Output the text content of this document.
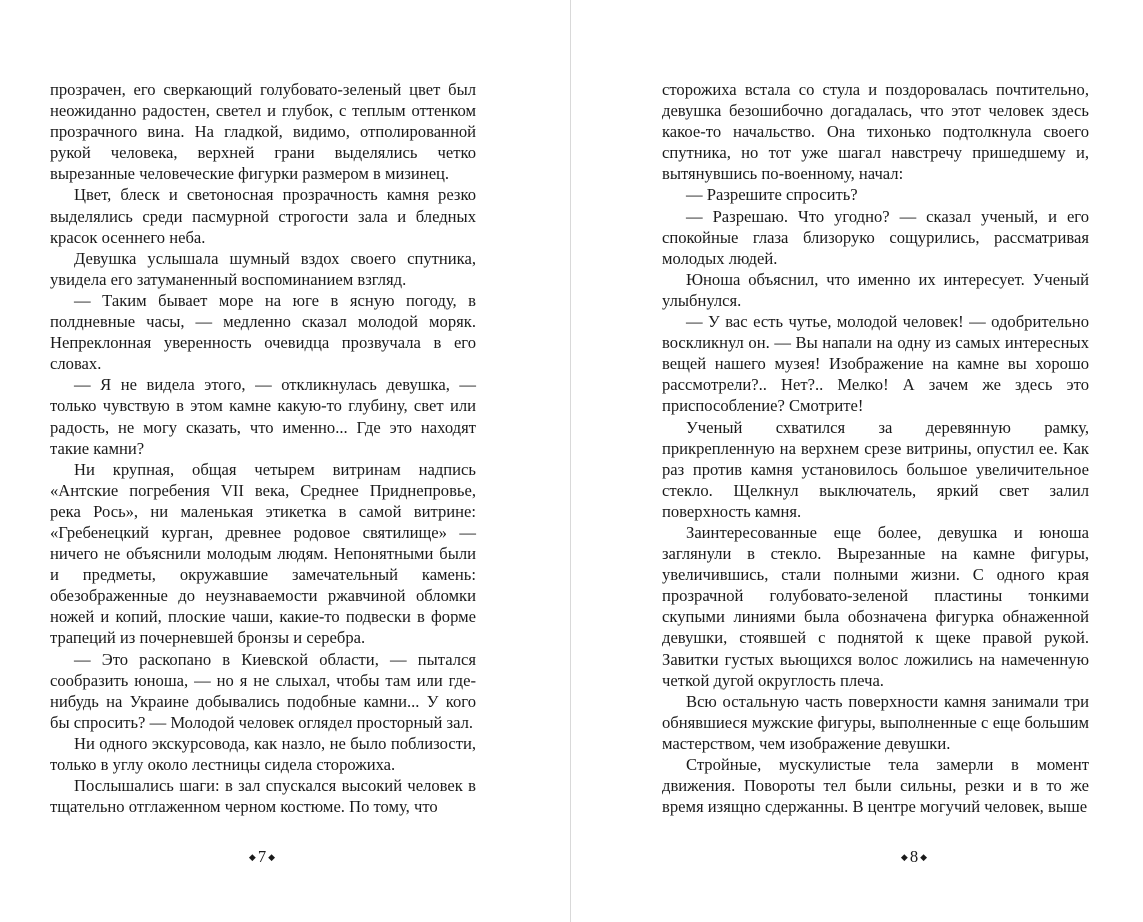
прозрачен, его сверкающий голубовато-зеленый цвет был неожиданно радостен, светел и глубок, с теплым оттенком прозрачного вина. На гладкой, видимо, отполированной рукой человека, верхней грани выделялись четко вырезанные человеческие фигурки размером в мизинец.

Цвет, блеск и светоносная прозрачность камня резко выделялись среди пасмурной строгости зала и бледных красок осеннего неба.

Девушка услышала шумный вздох своего спутника, увидела его затуманенный воспоминанием взгляд.

— Таким бывает море на юге в ясную погоду, в полдневные часы, — медленно сказал молодой моряк. Непреклонная уверенность очевидца прозвучала в его словах.

— Я не видела этого, — откликнулась девушка, — только чувствую в этом камне какую-то глубину, свет или радость, не могу сказать, что именно... Где это находят такие камни?

Ни крупная, общая четырем витринам надпись «Антские погребения VII века, Среднее Приднепровье, река Рось», ни маленькая этикетка в самой витрине: «Гребенецкий курган, древнее родовое святилище» — ничего не объяснили молодым людям. Непонятными были и предметы, окружавшие замечательный камень: обезображенные до неузнаваемости ржавчиной обломки ножей и копий, плоские чаши, какие-то подвески в форме трапеций из почерневшей бронзы и серебра.

— Это раскопано в Киевской области, — пытался сообразить юноша, — но я не слыхал, чтобы там или где-нибудь на Украине добывались подобные камни... У кого бы спросить? — Молодой человек оглядел просторный зал.

Ни одного экскурсовода, как назло, не было поблизости, только в углу около лестницы сидела сторожиха.

Послышались шаги: в зал спускался высокий человек в тщательно отглаженном черном костюме. По тому, что

◆ 7 ◆

сторожиха встала со стула и поздоровалась почтительно, девушка безошибочно догадалась, что этот человек здесь какое-то начальство. Она тихонько подтолкнула своего спутника, но тот уже шагал навстречу пришедшему и, вытянувшись по-военному, начал:

— Разрешите спросить?

— Разрешаю. Что угодно? — сказал ученый, и его спокойные глаза близоруко сощурились, рассматривая молодых людей.

Юноша объяснил, что именно их интересует. Ученый улыбнулся.

— У вас есть чутье, молодой человек! — одобрительно воскликнул он. — Вы напали на одну из самых интересных вещей нашего музея! Изображение на камне вы хорошо рассмотрели?.. Нет?.. Мелко! А зачем же здесь это приспособление? Смотрите!

Ученый схватился за деревянную рамку, прикрепленную на верхнем срезе витрины, опустил ее. Как раз против камня установилось большое увеличительное стекло. Щелкнул выключатель, яркий свет залил поверхность камня.

Заинтересованные еще более, девушка и юноша заглянули в стекло. Вырезанные на камне фигуры, увеличившись, стали полными жизни. С одного края прозрачной голубовато-зеленой пластины тонкими скупыми линиями была обозначена фигурка обнаженной девушки, стоявшей с поднятой к щеке правой рукой. Завитки густых вьющихся волос ложились на намеченную четкой дугой округлость плеча.

Всю остальную часть поверхности камня занимали три обнявшиеся мужские фигуры, выполненные с еще большим мастерством, чем изображение девушки.

Стройные, мускулистые тела замерли в момент движения. Повороты тел были сильны, резки и в то же время изящно сдержанны. В центре могучий человек, выше

◆ 8 ◆
